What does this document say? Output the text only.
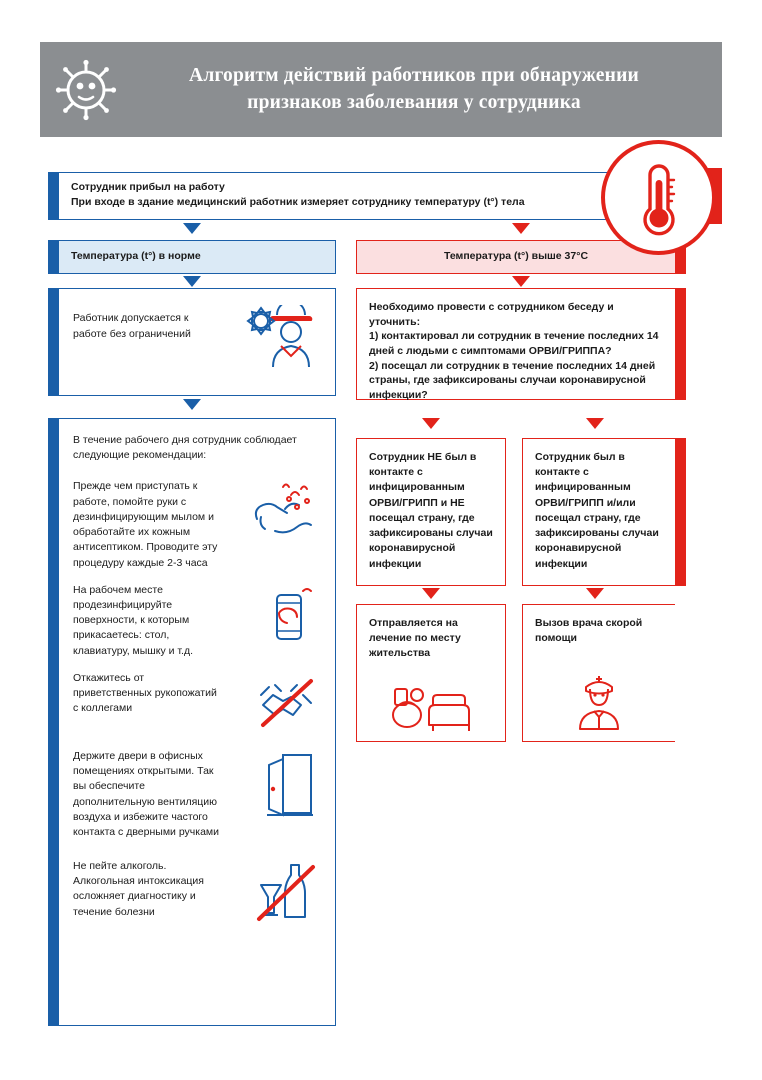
Алгоритм действий работников при обнаружении
признаков заболевания у сотрудника
Сотрудник прибыл на работу
При входе в здание медицинский работник измеряет сотруднику температуру (t°) тела
Температура (t°) в норме	Температура (t°) выше 37°С
Работник допускается к работе без ограничений
В течение рабочего дня сотрудник соблюдает следующие рекомендации:
Прежде чем приступать к работе, помойте руки с дезинфицирующим мылом и обработайте их кожным антисептиком. Проводите эту процедуру каждые 2-3 часа
На рабочем месте продезинфицируйте поверхности, к которым прикасаетесь: стол, клавиатуру, мышку и т.д.
Откажитесь от приветственных рукопожатий с коллегами
Держите двери в офисных помещениях открытыми. Так вы обеспечите дополнительную вентиляцию воздуха и избежите частого контакта с дверными ручками
Не пейте алкоголь. Алкогольная интоксикация осложняет диагностику и течение болезни
Необходимо провести с сотрудником беседу и уточнить:
1) контактировал ли сотрудник в течение последних 14 дней с людьми с симптомами ОРВИ/ГРИППА?
2) посещал ли сотрудник в течение последних 14 дней страны, где зафиксированы случаи коронавирусной инфекции?
Сотрудник НЕ был в контакте с инфицированным ОРВИ/ГРИПП и НЕ посещал страну, где зафиксированы случаи коронавирусной инфекции
Сотрудник был в контакте с инфицированным ОРВИ/ГРИПП и/или посещал страну, где зафиксированы случаи коронавирусной инфекции
Отправляется на лечение по месту жительства
Вызов врача скорой помощи
